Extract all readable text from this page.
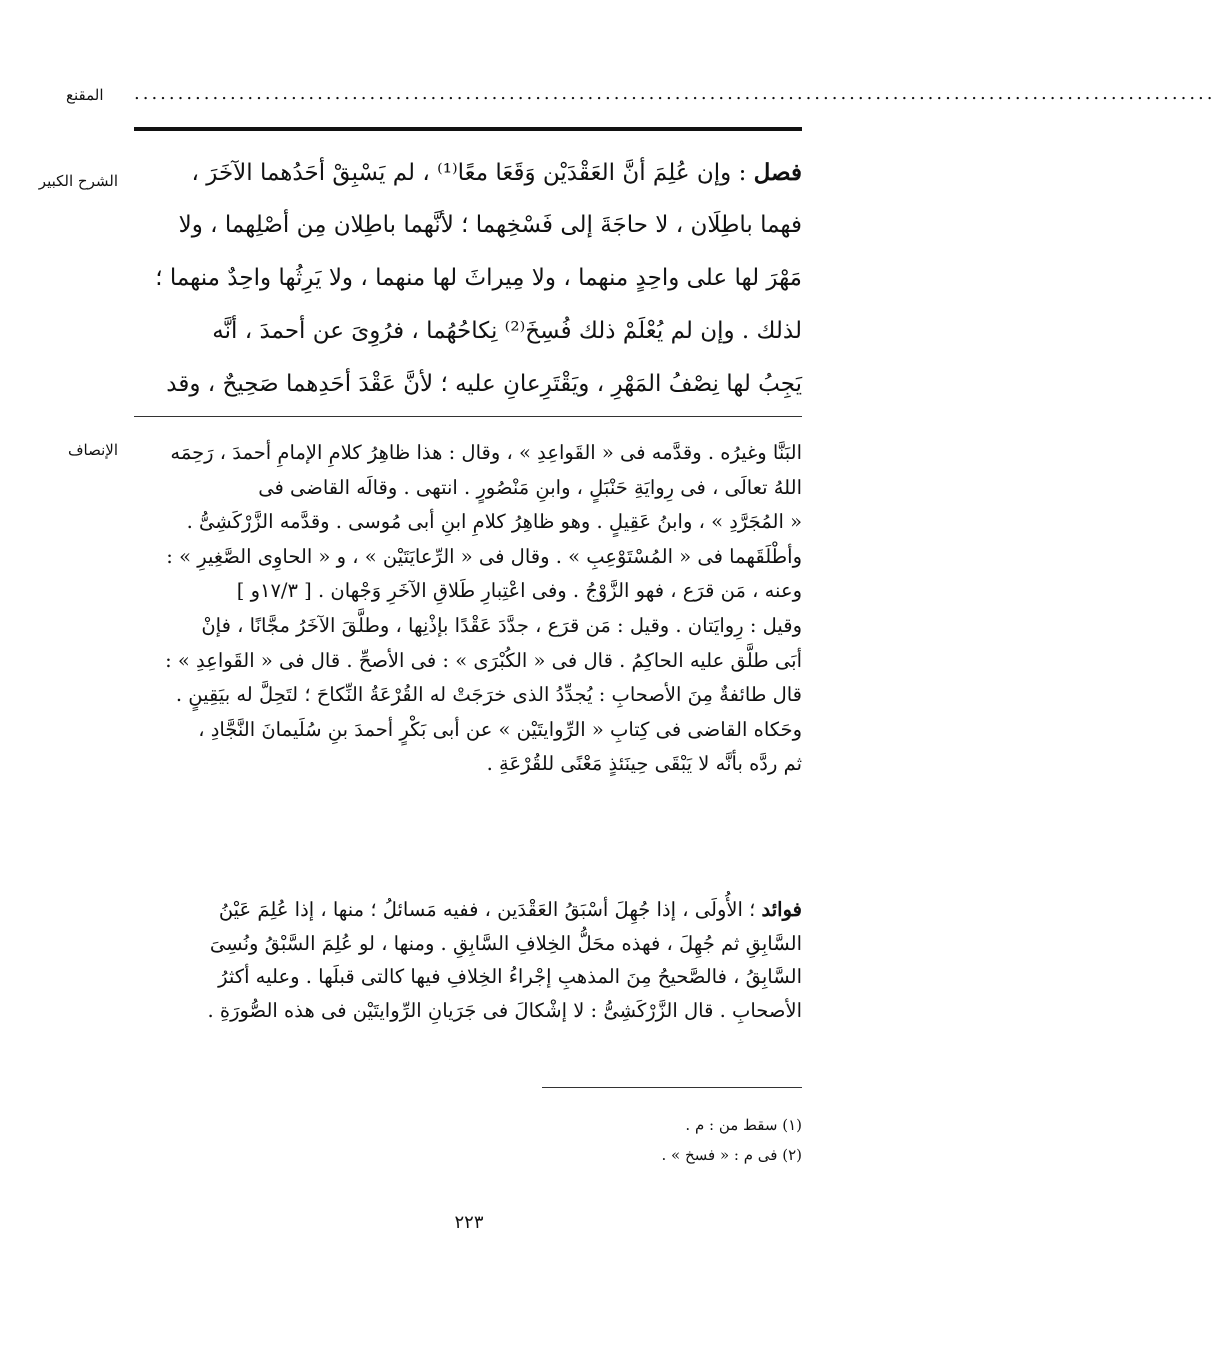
المقنع	............................................................................................................................
الشرح الكبير	فصل : وإن عُلِمَ أنَّ العَقْدَيْن وَقَعَا معًا⁽¹⁾ ، لم يَسْبِقْ أحَدُهما الآخَرَ ،
فهما باطِلَان ، لا حاجَةَ إلى فَسْخِهما ؛ لأنَّهما باطِلان مِن أصْلِهما ، ولا
مَهْرَ لها على واحِدٍ منهما ، ولا مِيراثَ لها منهما ، ولا يَرِثُها واحِدٌ منهما ؛
لذلك . وإن لم يُعْلَمْ ذلك فُسِخَ⁽²⁾ نِكاحُهُما ، فرُوِىَ عن أحمدَ ، أنَّه
يَجِبُ لها نِصْفُ المَهْرِ ، ويَقْتَرِعانِ عليه ؛ لأنَّ عَقْدَ أحَدِهما صَحِيحٌ ، وقد
الإنصاف	البَنَّا وغيرُه . وقدَّمه فى « القَواعِدِ » ، وقال : هذا ظاهِرُ كلامِ الإمامِ أحمدَ ، رَحِمَه
اللهُ تعالَى ، فى رِوايَةِ حَنْبَلٍ ، وابنِ مَنْصُورٍ . انتهى . وقالَه القاضى فى
« المُجَرَّدِ » ، وابنُ عَقِيلٍ . وهو ظاهِرُ كلامِ ابنِ أبى مُوسى . وقدَّمه الزَّرْكَشِىُّ .
وأطْلَقَهما فى « المُسْتَوْعِبِ » . وقال فى « الرِّعايَتَيْن » ، و « الحاوِى الصَّغِيرِ » :
وعنه ، مَن قرَع ، فهو الزَّوْجُ . وفى اعْتِبارِ طَلاقِ الآخَرِ وَجْهان . [ ١٧/٣و ]
وقيل : رِوايَتان . وقيل : مَن قرَع ، جدَّدَ عَقْدًا بإذْنِها ، وطلَّقَ الآخَرُ مجَّانًا ، فإنْ
أبَى طلَّق عليه الحاكِمُ . قال فى « الكُبْرَى » : فى الأصحِّ . قال فى « القَواعِدِ » :
قال طائفةٌ مِنَ الأصحابِ : يُجدِّدُ الذى خرَجَتْ له القُرْعَةُ النِّكاحَ ؛ لتَحِلَّ له بيَقِينٍ .
وحَكاه القاضى فى كِتابِ « الرِّوايتَيْن » عن أبى بَكْرٍ أحمدَ بنِ سُلَيمانَ النَّجَّادِ ،
ثم ردَّه بأنَّه لا يَبْقَى حِينَئذٍ مَعْنًى للقُرْعَةِ .
فوائد ؛ الأُولَى ، إذا جُهِلَ أسْبَقُ العَقْدَين ، ففيه مَسائلُ ؛ منها ، إذا عُلِمَ عَيْنُ
السَّابِقِ ثم جُهِلَ ، فهذه محَلُّ الخِلافِ السَّابِقِ . ومنها ، لو عُلِمَ السَّبْقُ ونُسِىَ
السَّابِقُ ، فالصَّحيحُ مِنَ المذهبِ إجْراءُ الخِلافِ فيها كالتى قبلَها . وعليه أكثرُ
الأصحابِ . قال الزَّرْكَشِىُّ : لا إشْكالَ فى جَرَيانِ الرِّوايتَيْن فى هذه الصُّورَةِ .
(١) سقط من : م .
(٢) فى م : « فسخ » .
٢٢٣
